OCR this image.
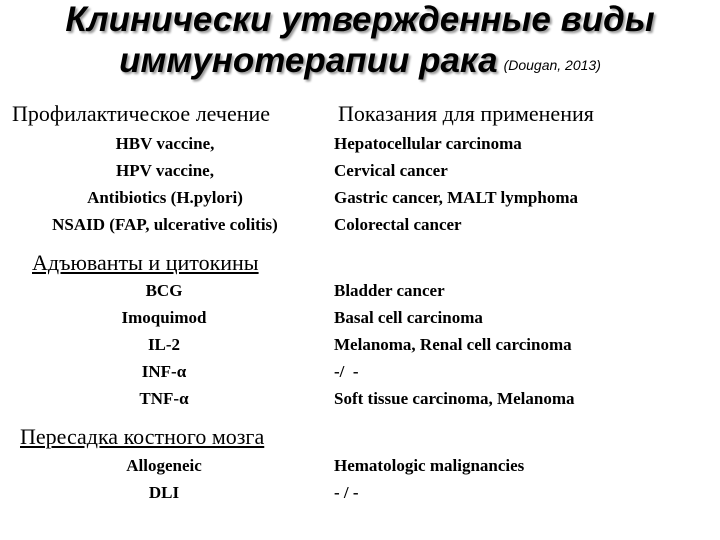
Клинически утвержденные виды
иммунотерапии рака (Dougan, 2013)
Профилактическое лечение	Показания для применения
HBV vaccine,
HPV vaccine,
Antibiotics (H.pylori)
NSAID (FAP, ulcerative colitis)
Hepatocellular carcinoma
Cervical cancer
Gastric cancer, MALT lymphoma
Colorectal cancer
Адъюванты и цитокины
BCG
Imoquimod
IL-2
INF-α
TNF-α
Bladder cancer
Basal cell carcinoma
Melanoma, Renal cell carcinoma
-/  -
Soft tissue carcinoma, Melanoma
Пересадка костного мозга
Allogeneic
DLI
Hematologic malignancies
- / -
